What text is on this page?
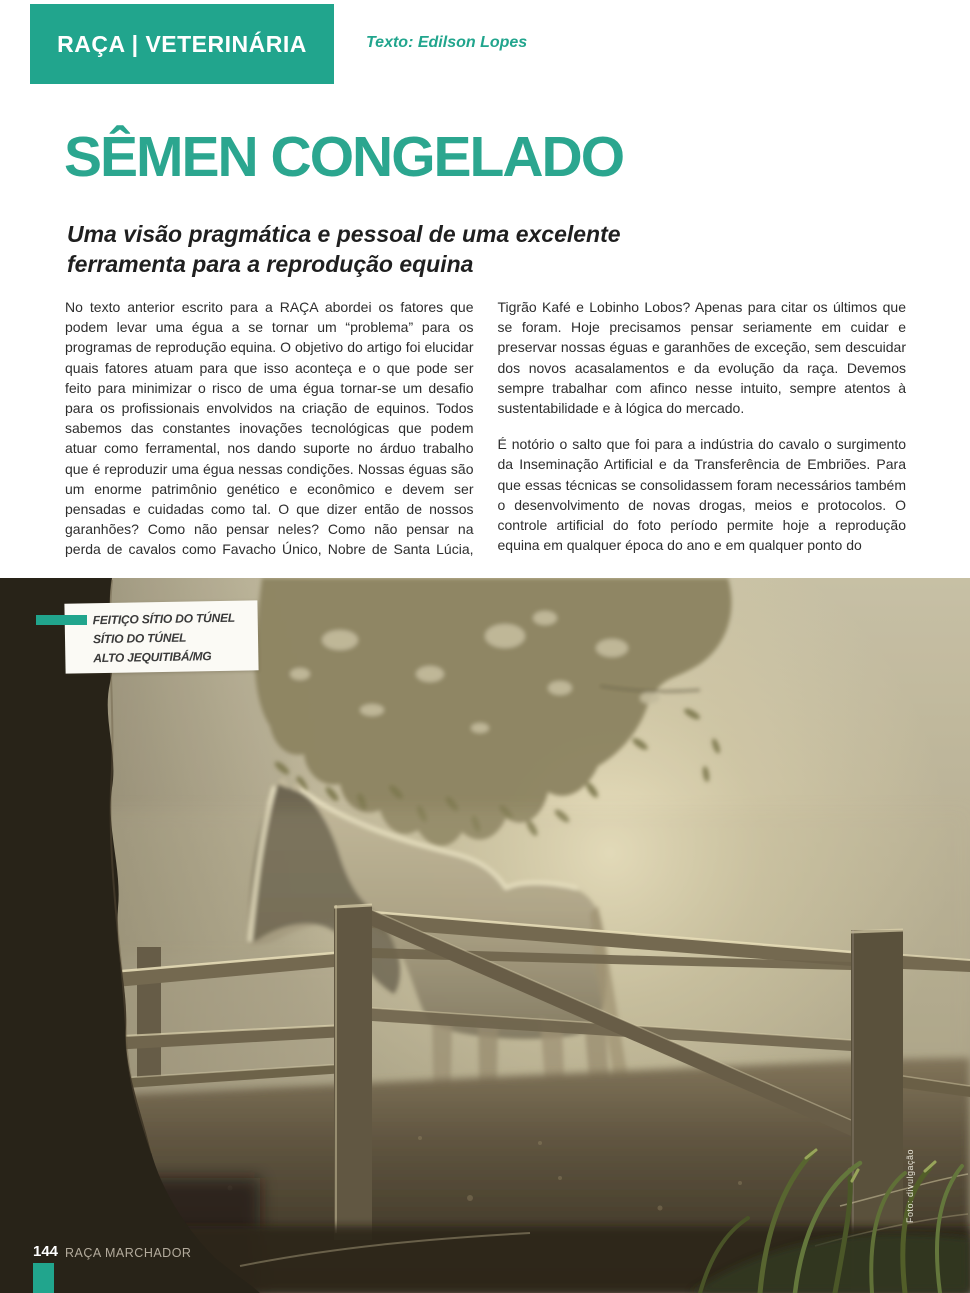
RAÇA | VETERINÁRIA	Texto: Edilson Lopes
SÊMEN CONGELADO
Uma visão pragmática e pessoal de uma excelente ferramenta para a reprodução equina

No texto anterior escrito para a RAÇA abordei os fatores que podem levar uma égua a se tornar um “problema” para os programas de reprodução equina. O objetivo do artigo foi elucidar quais fatores atuam para que isso aconteça e o que pode ser feito para minimizar o risco de uma égua tornar-se um desafio para os profissionais envolvidos na criação de equinos. Todos sabemos das constantes inovações tecnológicas que podem atuar como ferramental, nos dando suporte no árduo trabalho que é reproduzir uma égua nessas condições. Nossas éguas são um enorme patrimônio genético e econômico e devem ser pensadas e cuidadas como tal. O que dizer então de nossos garanhões? Como não pensar neles? Como não pensar na perda de cavalos como Favacho Único, Nobre de Santa Lúcia, Tigrão Kafé e Lobinho Lobos? Apenas para citar os últimos que se foram. Hoje precisamos pensar seriamente em cuidar e preservar nossas éguas e garanhões de exceção, sem descuidar dos novos acasalamentos e da evolução da raça. Devemos sempre trabalhar com afinco nesse intuito, sempre atentos à sustentabilidade e à lógica do mercado.

É notório o salto que foi para a indústria do cavalo o surgimento da Inseminação Artificial e da Transferência de Embriões. Para que essas técnicas se consolidassem foram necessários também o desenvolvimento de novas drogas, meios e protocolos. O controle artificial do foto período permite hoje a reprodução equina em qualquer época do ano e em qualquer ponto do

FEITIÇO SÍTIO DO TÚNEL
SÍTIO DO TÚNEL
ALTO JEQUITIBÁ/MG
Foto: divulgação
144 RAÇA MARCHADOR
